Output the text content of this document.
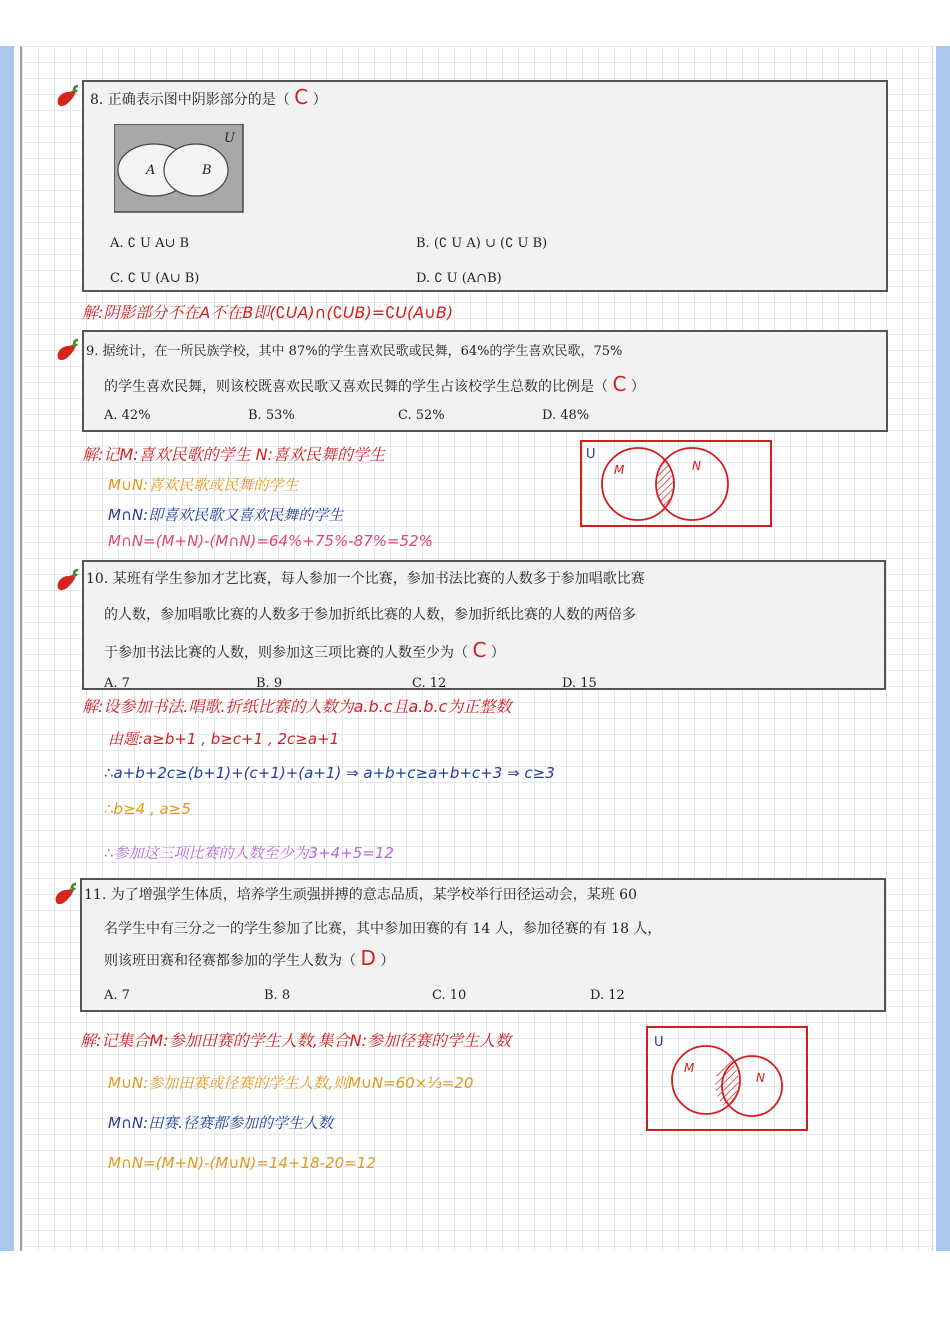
8. 正确表示图中阴影部分的是（ C ）
U
A	B
A. ∁ U A∪ B	B. (∁ U A) ∪ (∁ U B)
C. ∁ U (A∪ B)	D. ∁ U (A∩B)
解:阴影部分不在A不在B即(∁UA)∩(∁UB)=∁U(A∪B)
9. 据统计，在一所民族学校，其中 87%的学生喜欢民歌或民舞，64%的学生喜欢民歌，75%
的学生喜欢民舞，则该校既喜欢民歌又喜欢民舞的学生占该校学生总数的比例是（ C ）
A. 42%	B. 53%	C. 52%	D. 48%
解:记M:喜欢民歌的学生 N:喜欢民舞的学生
M∪N:喜欢民歌或民舞的学生
M∩N:即喜欢民歌又喜欢民舞的学生
M∩N=(M+N)-(M∩N)=64%+75%-87%=52%
U
M	N
10. 某班有学生参加才艺比赛，每人参加一个比赛，参加书法比赛的人数多于参加唱歌比赛
的人数，参加唱歌比赛的人数多于参加折纸比赛的人数，参加折纸比赛的人数的两倍多
于参加书法比赛的人数，则参加这三项比赛的人数至少为（ C ）
A. 7	B. 9	C. 12	D. 15
解:设参加书法.唱歌.折纸比赛的人数为a.b.c且a.b.c为正整数
由题:a≥b+1 , b≥c+1 , 2c≥a+1
∴a+b+2c≥(b+1)+(c+1)+(a+1) ⇒ a+b+c≥a+b+c+3 ⇒ c≥3
∴b≥4 , a≥5
∴参加这三项比赛的人数至少为3+4+5=12
11. 为了增强学生体质，培养学生顽强拼搏的意志品质，某学校举行田径运动会，某班 60
名学生中有三分之一的学生参加了比赛，其中参加田赛的有 14 人，参加径赛的有 18 人，
则该班田赛和径赛都参加的学生人数为（ D ）
A. 7	B. 8	C. 10	D. 12
解:记集合M:参加田赛的学生人数,集合N:参加径赛的学生人数
M∪N:参加田赛或径赛的学生人数,则M∪N=60×⅓=20
M∩N:田赛.径赛都参加的学生人数
M∩N=(M+N)-(M∪N)=14+18-20=12
U
M
N
